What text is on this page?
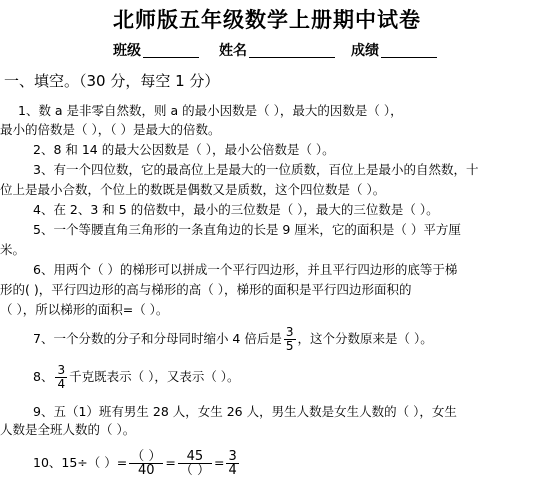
北师版五年级数学上册期中试卷
班级	姓名	成绩
一、填空。（30 分，每空 1 分）
1、数 a 是非零自然数，则 a 的最小因数是（ ），最大的因数是（ ），
最小的倍数是（ ），（ ）是最大的倍数。
2、8 和 14 的最大公因数是（ ），最小公倍数是（ ）。
3、有一个四位数，它的最高位上是最大的一位质数，百位上是最小的自然数，十
位上是最小合数，个位上的数既是偶数又是质数，这个四位数是（ ）。
4、在 2、3 和 5 的倍数中，最小的三位数是（ ），最大的三位数是（ ）。
5、一个等腰直角三角形的一条直角边的长是 9 厘米，它的面积是（ ）平方厘
米。
6、用两个（ ）的梯形可以拼成一个平行四边形，并且平行四边形的底等于梯
形的( )，平行四边形的高与梯形的高（ ），梯形的面积是平行四边形面积的
（ ），所以梯形的面积=（ ）。
7、一个分数的分子和分母同时缩小 4 倍后是 $\frac{3}{5}$ ，这个分数原来是（ ）。
8、 $\frac{3}{4}$ 千克既表示（ ），又表示（ ）。
9、五（1）班有男生 28 人，女生 26 人，男生人数是女生人数的（ ），女生
人数是全班人数的（ ）。
10、15÷（ ）= $\frac{( )}{40} = \frac{45}{( )} = \frac{3}{4}$
